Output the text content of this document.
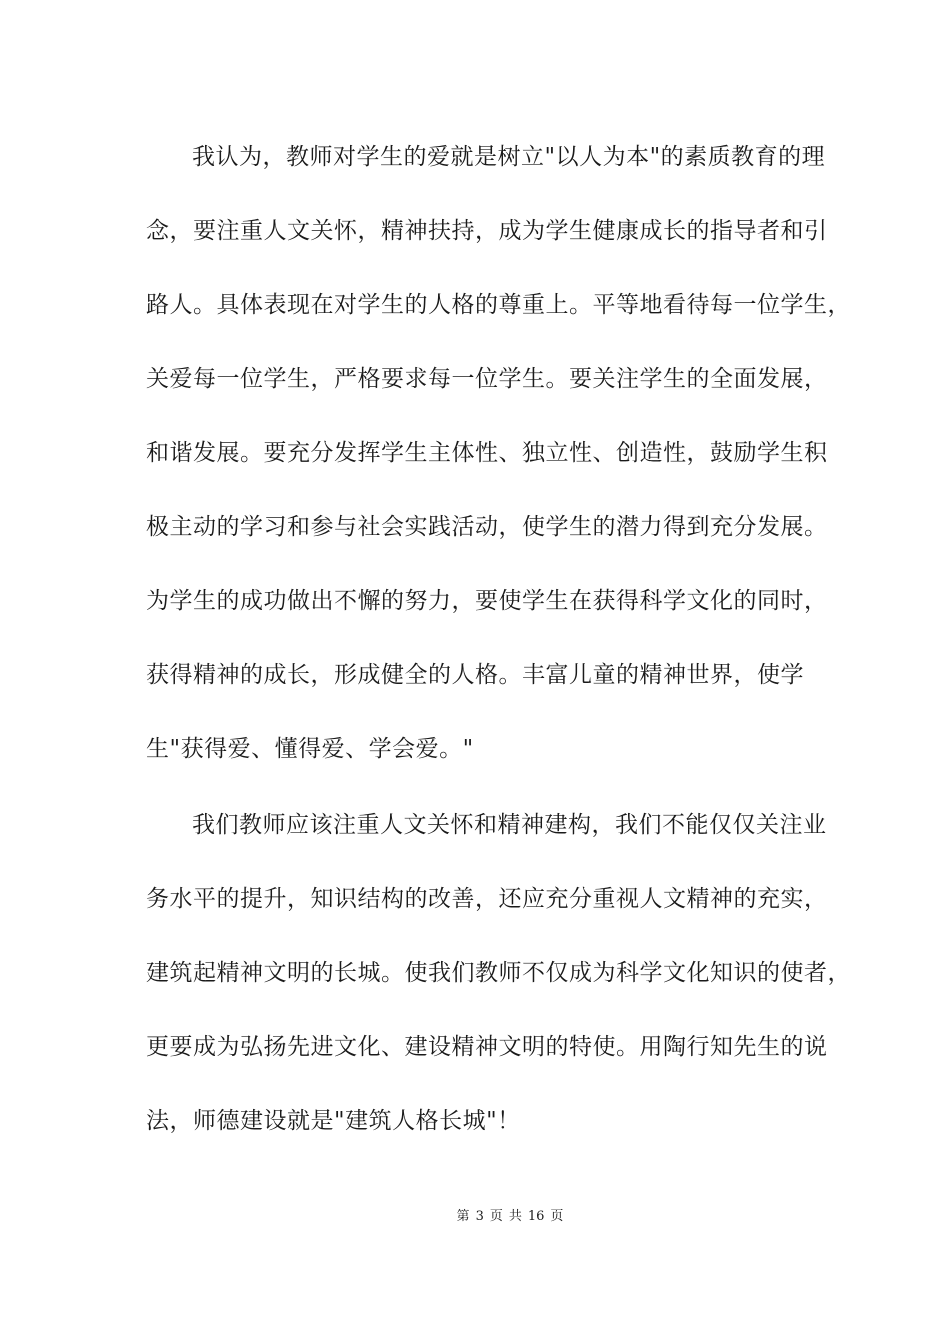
我认为，教师对学生的爱就是树立"以人为本"的素质教育的理
念，要注重人文关怀，精神扶持，成为学生健康成长的指导者和引
路人。具体表现在对学生的人格的尊重上。平等地看待每一位学生，
关爱每一位学生，严格要求每一位学生。要关注学生的全面发展，
和谐发展。要充分发挥学生主体性、独立性、创造性，鼓励学生积
极主动的学习和参与社会实践活动，使学生的潜力得到充分发展。
为学生的成功做出不懈的努力，要使学生在获得科学文化的同时，
获得精神的成长，形成健全的人格。丰富儿童的精神世界，使学
生"获得爱、懂得爱、学会爱。"
我们教师应该注重人文关怀和精神建构，我们不能仅仅关注业
务水平的提升，知识结构的改善，还应充分重视人文精神的充实，
建筑起精神文明的长城。使我们教师不仅成为科学文化知识的使者，
更要成为弘扬先进文化、建设精神文明的特使。用陶行知先生的说
法，师德建设就是"建筑人格长城"！
第 3 页 共 16 页
